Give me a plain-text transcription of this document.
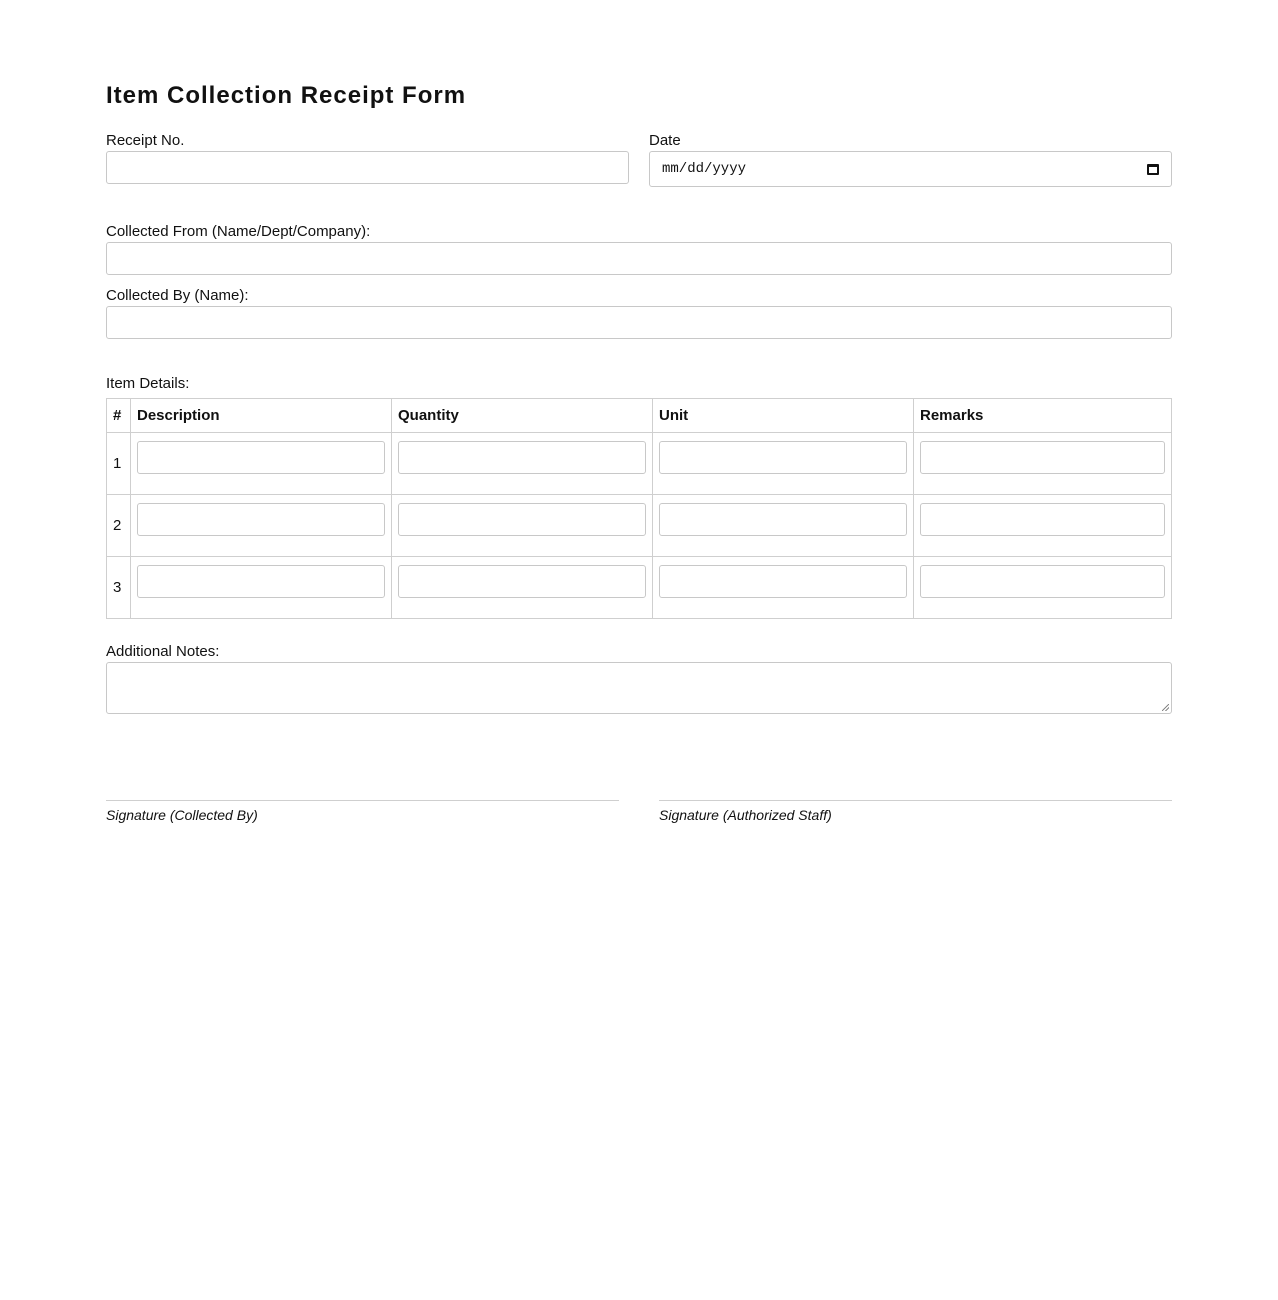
Item Collection Receipt Form
Receipt No.	Date
mm/dd/yyyy
Collected From (Name/Dept/Company):
Collected By (Name):
Item Details:
#	Description	Quantity	Unit	Remarks
1				
2				
3				
Additional Notes:
Signature (Collected By)	Signature (Authorized Staff)
